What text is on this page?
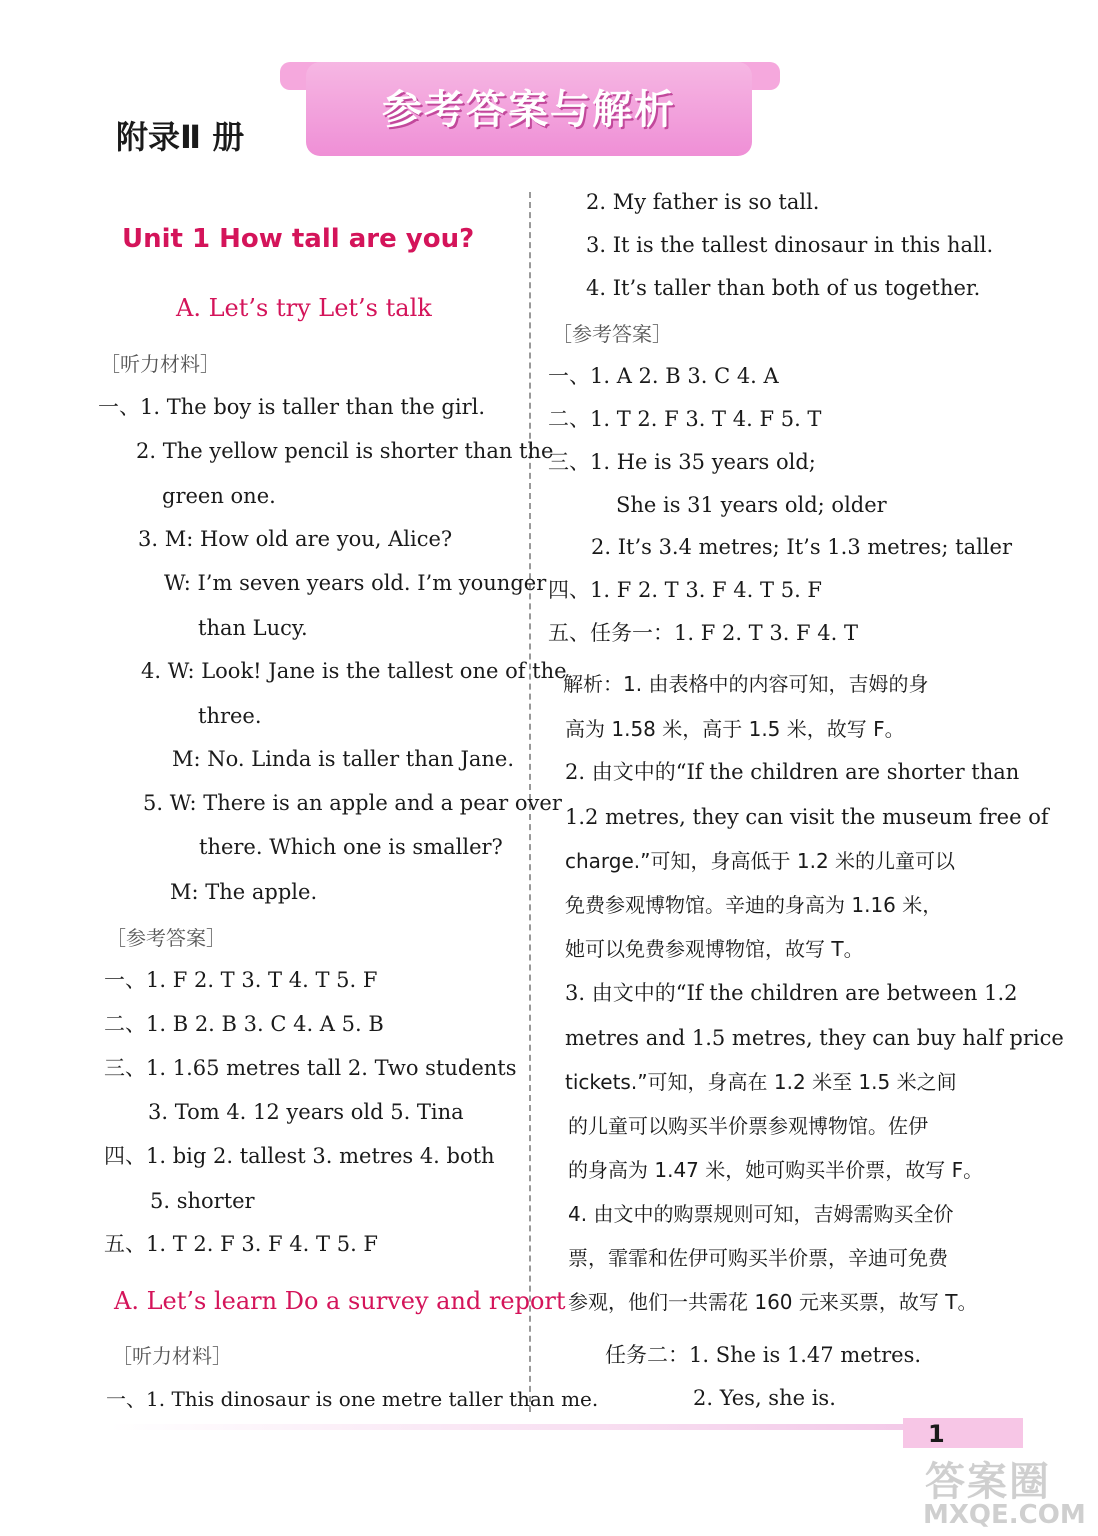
附录Ⅱ 册
参考答案与解析
Unit 1 How tall are you?
A. Let’s try Let’s talk
［听力材料］
一、1. The boy is taller than the girl.
2. The yellow pencil is shorter than the
green one.
3. M: How old are you, Alice?
W: I’m seven years old. I’m younger
than Lucy.
4. W: Look! Jane is the tallest one of the
three.
M: No. Linda is taller than Jane.
5. W: There is an apple and a pear over
there. Which one is smaller?
M: The apple.
［参考答案］
一、1. F 2. T 3. T 4. T 5. F
二、1. B 2. B 3. C 4. A 5. B
三、1. 1.65 metres tall 2. Two students
3. Tom 4. 12 years old 5. Tina
四、1. big 2. tallest 3. metres 4. both
5. shorter
五、1. T 2. F 3. F 4. T 5. F
A. Let’s learn Do a survey and report
［听力材料］
一、1. This dinosaur is one metre taller than me.
2. My father is so tall.
3. It is the tallest dinosaur in this hall.
4. It’s taller than both of us together.
［参考答案］
一、1. A 2. B 3. C 4. A
二、1. T 2. F 3. T 4. F 5. T
三、1. He is 35 years old;
She is 31 years old; older
2. It’s 3.4 metres; It’s 1.3 metres; taller
四、1. F 2. T 3. F 4. T 5. F
五、任务一：1. F 2. T 3. F 4. T
解析：1. 由表格中的内容可知，吉姆的身
高为 1.58 米，高于 1.5 米，故写 F。
2. 由文中的“If the children are shorter than
1.2 metres, they can visit the museum free of
charge.”可知，身高低于 1.2 米的儿童可以
免费参观博物馆。辛迪的身高为 1.16 米，
她可以免费参观博物馆，故写 T。
3. 由文中的“If the children are between 1.2
metres and 1.5 metres, they can buy half price
tickets.”可知，身高在 1.2 米至 1.5 米之间
的儿童可以购买半价票参观博物馆。佐伊
的身高为 1.47 米，她可购买半价票，故写 F。
4. 由文中的购票规则可知，吉姆需购买全价
票，霏霏和佐伊可购买半价票，辛迪可免费
参观，他们一共需花 160 元来买票，故写 T。
任务二：1. She is 1.47 metres.
2. Yes, she is.
1
答案圈
MXQE.COM
